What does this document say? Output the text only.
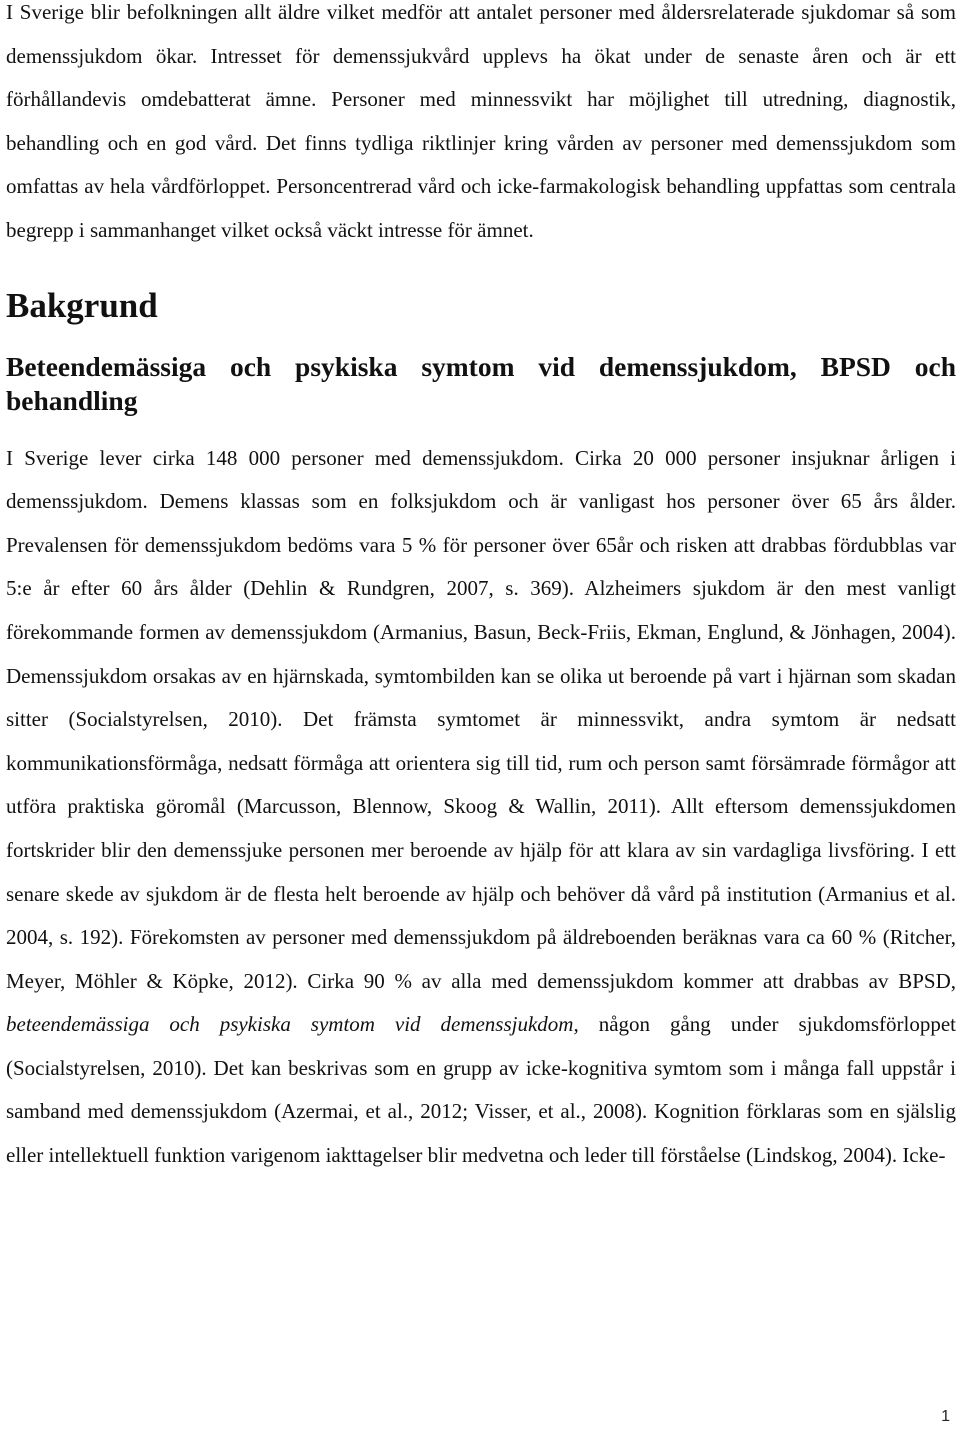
I Sverige blir befolkningen allt äldre vilket medför att antalet personer med åldersrelaterade sjukdomar så som demenssjukdom ökar. Intresset för demenssjukvård upplevs ha ökat under de senaste åren och är ett förhållandevis omdebatterat ämne. Personer med minnessvikt har möjlighet till utredning, diagnostik, behandling och en god vård. Det finns tydliga riktlinjer kring vården av personer med demenssjukdom som omfattas av hela vårdförloppet. Personcentrerad vård och icke-farmakologisk behandling uppfattas som centrala begrepp i sammanhanget vilket också väckt intresse för ämnet.

Bakgrund
Beteendemässiga och psykiska symtom vid demenssjukdom, BPSD och behandling

I Sverige lever cirka 148 000 personer med demenssjukdom. Cirka 20 000 personer insjuknar årligen i demenssjukdom. Demens klassas som en folksjukdom och är vanligast hos personer över 65 års ålder. Prevalensen för demenssjukdom bedöms vara 5 % för personer över 65år och risken att drabbas fördubblas var 5:e år efter 60 års ålder (Dehlin & Rundgren, 2007, s. 369). Alzheimers sjukdom är den mest vanligt förekommande formen av demenssjukdom (Armanius, Basun, Beck-Friis, Ekman, Englund, & Jönhagen, 2004). Demenssjukdom orsakas av en hjärnskada, symtombilden kan se olika ut beroende på vart i hjärnan som skadan sitter (Socialstyrelsen, 2010). Det främsta symtomet är minnessvikt, andra symtom är nedsatt kommunikationsförmåga, nedsatt förmåga att orientera sig till tid, rum och person samt försämrade förmågor att utföra praktiska göromål (Marcusson, Blennow, Skoog & Wallin, 2011). Allt eftersom demenssjukdomen fortskrider blir den demenssjuke personen mer beroende av hjälp för att klara av sin vardagliga livsföring. I ett senare skede av sjukdom är de flesta helt beroende av hjälp och behöver då vård på institution (Armanius et al. 2004, s. 192). Förekomsten av personer med demenssjukdom på äldreboenden beräknas vara ca 60 % (Ritcher, Meyer, Möhler & Köpke, 2012). Cirka 90 % av alla med demenssjukdom kommer att drabbas av BPSD, beteendemässiga och psykiska symtom vid demenssjukdom, någon gång under sjukdomsförloppet (Socialstyrelsen, 2010). Det kan beskrivas som en grupp av icke-kognitiva symtom som i många fall uppstår i samband med demenssjukdom (Azermai, et al., 2012; Visser, et al., 2008). Kognition förklaras som en själslig eller intellektuell funktion varigenom iakttagelser blir medvetna och leder till förståelse (Lindskog, 2004). Icke-

1
